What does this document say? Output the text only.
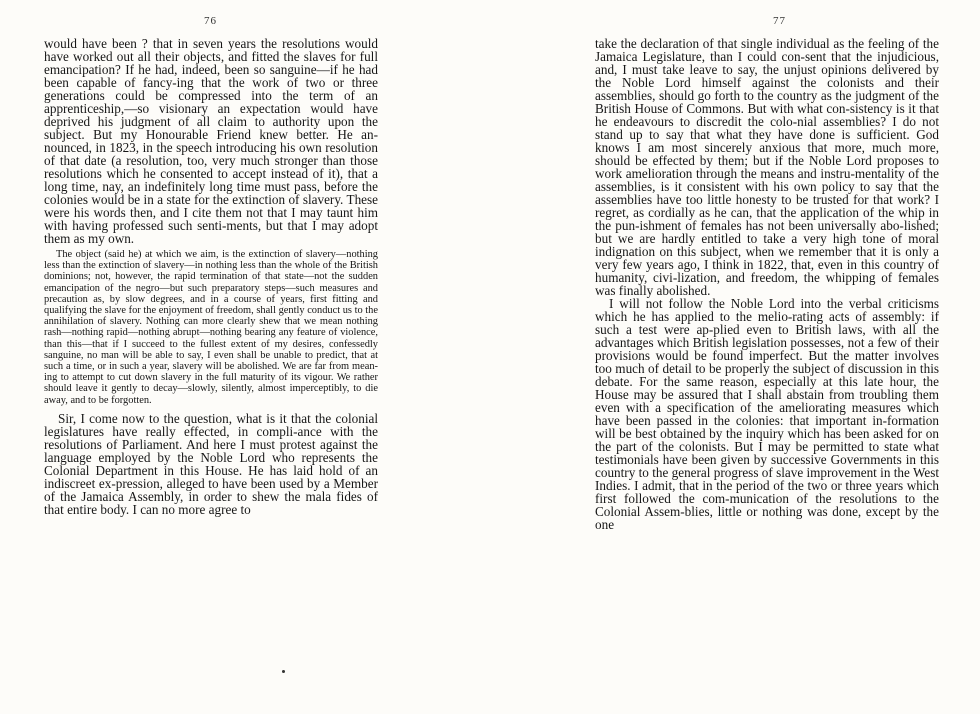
76

would have been ? that in seven years the resolutions would have worked out all their objects, and fitted the slaves for full emancipation? If he had, indeed, been so sanguine—if he had been capable of fancy-ing that the work of two or three generations could be compressed into the term of an apprenticeship,—so visionary an expectation would have deprived his judgment of all claim to authority upon the subject. But my Honourable Friend knew better. He an-nounced, in 1823, in the speech introducing his own resolution of that date (a resolution, too, very much stronger than those resolutions which he consented to accept instead of it), that a long time, nay, an indefinitely long time must pass, before the colonies would be in a state for the extinction of slavery. These were his words then, and I cite them not that I may taunt him with having professed such senti-ments, but that I may adopt them as my own.

The object (said he) at which we aim, is the extinction of slavery—nothing less than the extinction of slavery—in nothing less than the whole of the British dominions; not, however, the rapid termination of that state—not the sudden emancipation of the negro—but such preparatory steps—such measures and precaution as, by slow degrees, and in a course of years, first fitting and qualifying the slave for the enjoyment of freedom, shall gently conduct us to the annihilation of slavery. Nothing can more clearly shew that we mean nothing rash—nothing rapid—nothing abrupt—nothing bearing any feature of violence, than this—that if I succeed to the fullest extent of my desires, confessedly sanguine, no man will be able to say, I even shall be unable to predict, that at such a time, or in such a year, slavery will be abolished. We are far from mean-ing to attempt to cut down slavery in the full maturity of its vigour. We rather should leave it gently to decay—slowly, silently, almost imperceptibly, to die away, and to be forgotten.

Sir, I come now to the question, what is it that the colonial legislatures have really effected, in compli-ance with the resolutions of Parliament. And here I must protest against the language employed by the Noble Lord who represents the Colonial Department in this House. He has laid hold of an indiscreet ex-pression, alleged to have been used by a Member of the Jamaica Assembly, in order to shew the mala fides of that entire body. I can no more agree to

77

take the declaration of that single individual as the feeling of the Jamaica Legislature, than I could con-sent that the injudicious, and, I must take leave to say, the unjust opinions delivered by the Noble Lord himself against the colonists and their assemblies, should go forth to the country as the judgment of the British House of Commons. But with what con-sistency is it that he endeavours to discredit the colo-nial assemblies? I do not stand up to say that what they have done is sufficient. God knows I am most sincerely anxious that more, much more, should be effected by them; but if the Noble Lord proposes to work amelioration through the means and instru-mentality of the assemblies, is it consistent with his own policy to say that the assemblies have too little honesty to be trusted for that work? I regret, as cordially as he can, that the application of the whip in the pun-ishment of females has not been universally abo-lished; but we are hardly entitled to take a very high tone of moral indignation on this subject, when we remember that it is only a very few years ago, I think in 1822, that, even in this country of humanity, civi-lization, and freedom, the whipping of females was finally abolished.

I will not follow the Noble Lord into the verbal criticisms which he has applied to the melio-rating acts of assembly: if such a test were ap-plied even to British laws, with all the advantages which British legislation possesses, not a few of their provisions would be found imperfect. But the matter involves too much of detail to be properly the subject of discussion in this debate. For the same reason, especially at this late hour, the House may be assured that I shall abstain from troubling them even with a specification of the ameliorating measures which have been passed in the colonies: that important in-formation will be best obtained by the inquiry which has been asked for on the part of the colonists. But I may be permitted to state what testimonials have been given by successive Governments in this country to the general progress of slave improvement in the West Indies. I admit, that in the period of the two or three years which first followed the com-munication of the resolutions to the Colonial Assem-blies, little or nothing was done, except by the one
